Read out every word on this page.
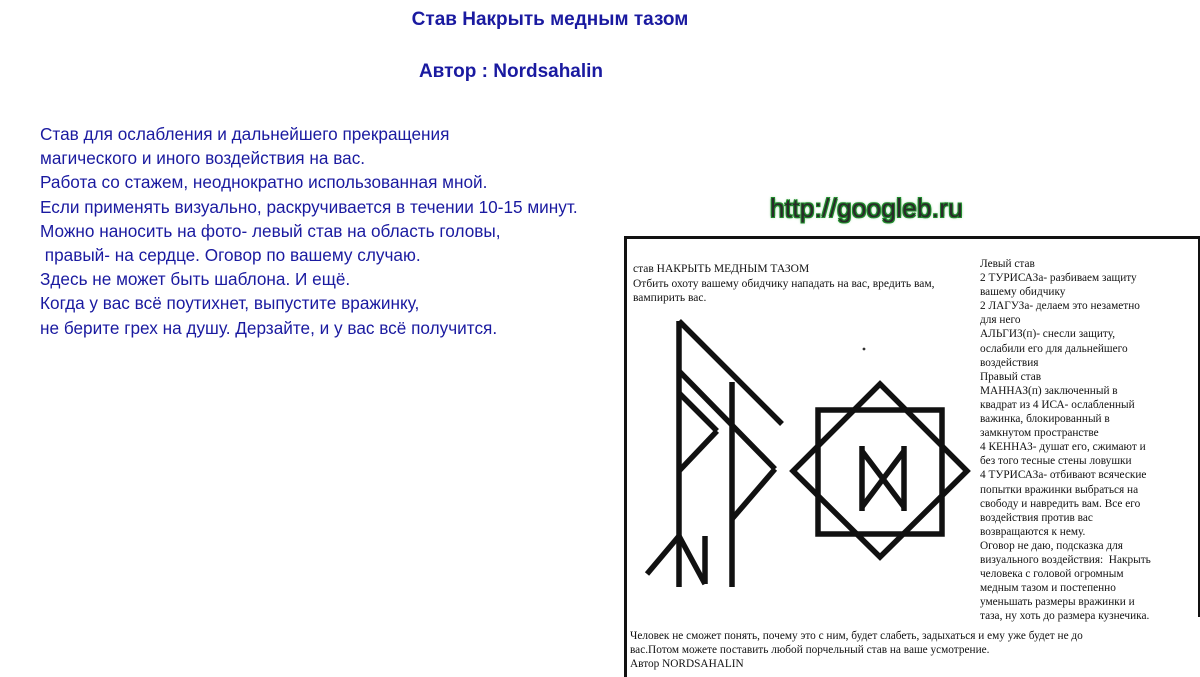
Став Накрыть медным тазом
Автор : Nordsahalin
Став для ослабления и дальнейшего прекращения
магического и иного воздействия на вас.
Работа со стажем, неоднократно использованная мной.
Если применять визуально, раскручивается в течении 10-15 минут.
Можно наносить на фото- левый став на область головы,
правый- на сердце. Оговор по вашему случаю.
Здесь не может быть шаблона. И ещё.
Когда у вас всё поутихнет, выпустите вражинку,
не берите грех на душу. Дерзайте, и у вас всё получится.
http://googleb.ru
став НАКРЫТЬ МЕДНЫМ ТАЗОМ
Отбить охоту вашему обидчику нападать на вас, вредить вам, вампирить вас.
Левый став
2 ТУРИСАЗа- разбиваем защиту
вашему обидчику
2 ЛАГУЗа- делаем это незаметно
для него
АЛЬГИЗ(п)- снесли защиту,
ослабили его для дальнейшего
воздействия
Правый став
МАННАЗ(п) заключенный в
квадрат из 4 ИСА- ослабленный
важинка, блокированный в
замкнутом пространстве
4 КЕННАЗ- душат его, сжимают и
без того тесные стены ловушки
4 ТУРИСАЗа- отбивают всяческие
попытки вражинки выбраться на
свободу и навредить вам. Все его
воздействия против вас
возвращаются к нему.
Оговор не даю, подсказка для
визуального воздействия:  Накрыть
человека с головой огромным
медным тазом и постепенно
уменьшать размеры вражинки и
таза, ну хоть до размера кузнечика.
Человек не сможет понять, почему это с ним, будет слабеть, задыхаться и ему уже будет не до
вас.Потом можете поставить любой порчельный став на ваше усмотрение.
Автор NORDSAHALIN
